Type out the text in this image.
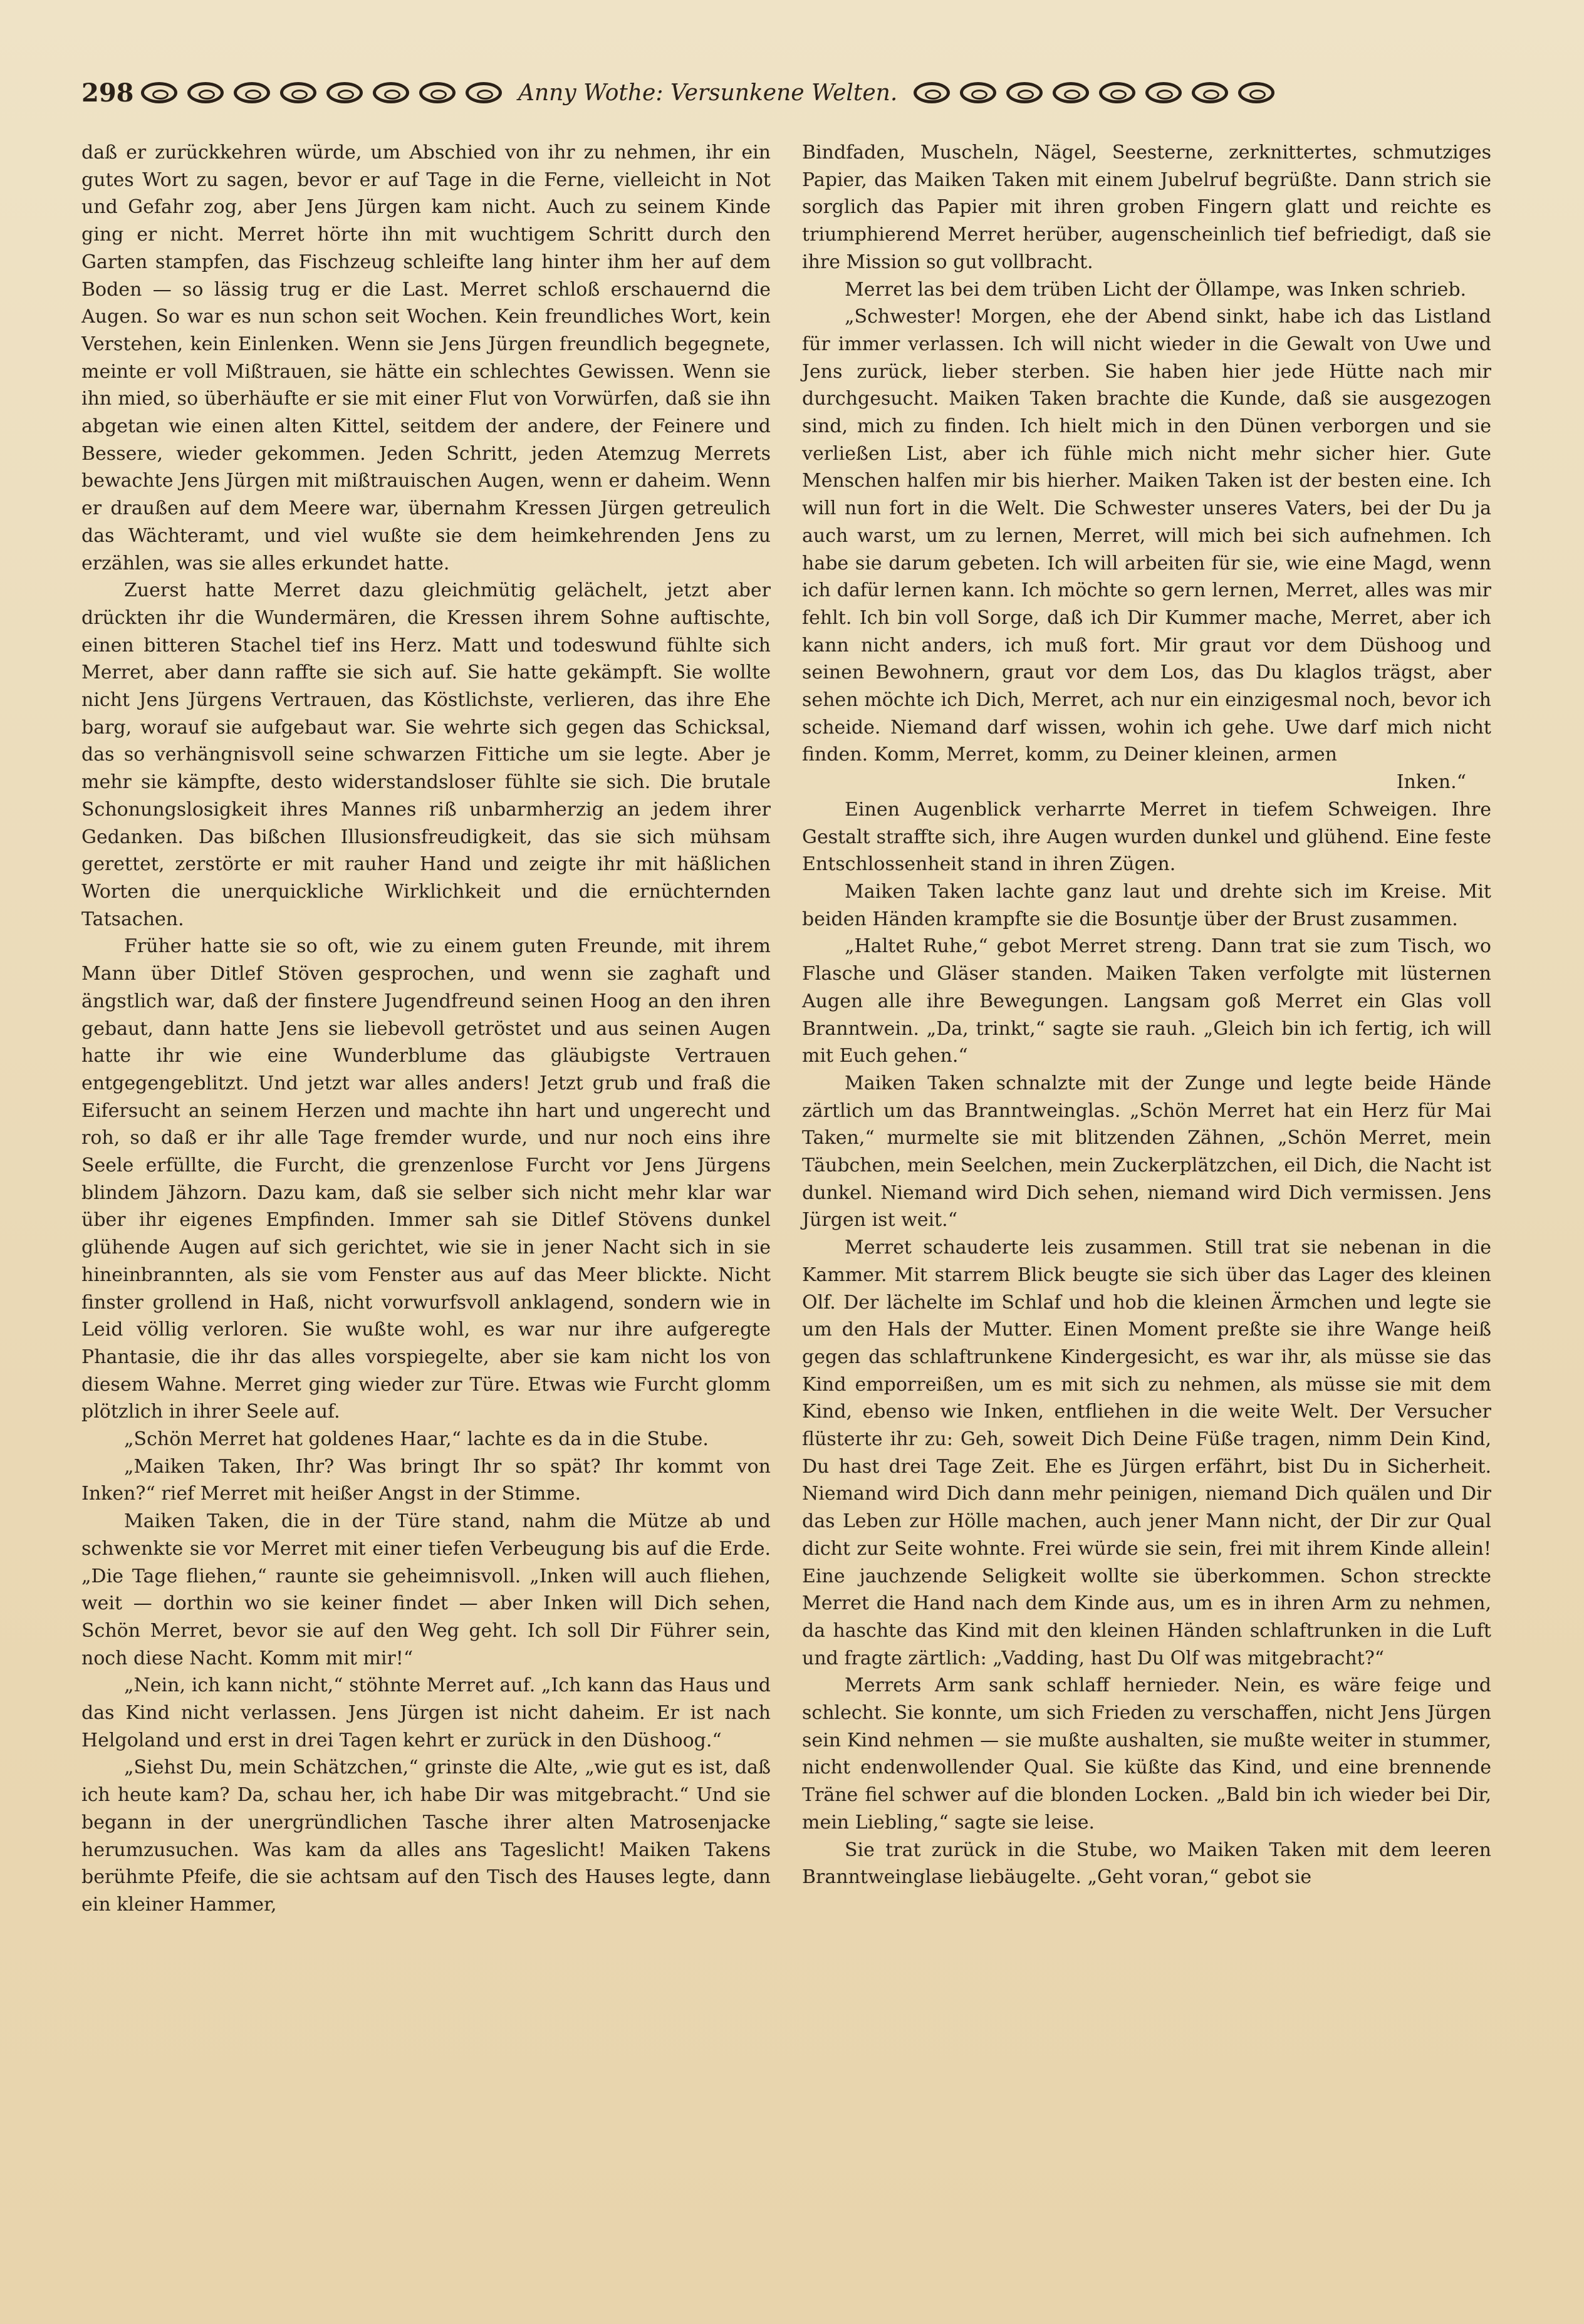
298	Anny Wothe: Versunkene Welten.

daß er zurückkehren würde, um Abschied von ihr zu nehmen, ihr ein gutes Wort zu sagen, bevor er auf Tage in die Ferne, vielleicht in Not und Gefahr zog, aber Jens Jürgen kam nicht. Auch zu seinem Kinde ging er nicht. Merret hörte ihn mit wuchtigem Schritt durch den Garten stampfen, das Fischzeug schleifte lang hinter ihm her auf dem Boden — so lässig trug er die Last. Merret schloß erschauernd die Augen. So war es nun schon seit Wochen. Kein freundliches Wort, kein Verstehen, kein Einlenken. Wenn sie Jens Jürgen freundlich begegnete, meinte er voll Mißtrauen, sie hätte ein schlechtes Gewissen. Wenn sie ihn mied, so überhäufte er sie mit einer Flut von Vorwürfen, daß sie ihn abgetan wie einen alten Kittel, seitdem der andere, der Feinere und Bessere, wieder gekommen. Jeden Schritt, jeden Atemzug Merrets bewachte Jens Jürgen mit mißtrauischen Augen, wenn er daheim. Wenn er draußen auf dem Meere war, übernahm Kressen Jürgen getreulich das Wächteramt, und viel wußte sie dem heimkehrenden Jens zu erzählen, was sie alles erkundet hatte.

Zuerst hatte Merret dazu gleichmütig gelächelt, jetzt aber drückten ihr die Wundermären, die Kressen ihrem Sohne auftischte, einen bitteren Stachel tief ins Herz. Matt und todeswund fühlte sich Merret, aber dann raffte sie sich auf. Sie hatte gekämpft. Sie wollte nicht Jens Jürgens Vertrauen, das Köstlichste, verlieren, das ihre Ehe barg, worauf sie aufgebaut war. Sie wehrte sich gegen das Schicksal, das so verhängnisvoll seine schwarzen Fittiche um sie legte. Aber je mehr sie kämpfte, desto widerstandsloser fühlte sie sich. Die brutale Schonungslosigkeit ihres Mannes riß unbarmherzig an jedem ihrer Gedanken. Das bißchen Illusionsfreudigkeit, das sie sich mühsam gerettet, zerstörte er mit rauher Hand und zeigte ihr mit häßlichen Worten die unerquickliche Wirklichkeit und die ernüchternden Tatsachen.

Früher hatte sie so oft, wie zu einem guten Freunde, mit ihrem Mann über Ditlef Stöven gesprochen, und wenn sie zaghaft und ängstlich war, daß der finstere Jugendfreund seinen Hoog an den ihren gebaut, dann hatte Jens sie liebevoll getröstet und aus seinen Augen hatte ihr wie eine Wunderblume das gläubigste Vertrauen entgegengeblitzt. Und jetzt war alles anders! Jetzt grub und fraß die Eifersucht an seinem Herzen und machte ihn hart und ungerecht und roh, so daß er ihr alle Tage fremder wurde, und nur noch eins ihre Seele erfüllte, die Furcht, die grenzenlose Furcht vor Jens Jürgens blindem Jähzorn. Dazu kam, daß sie selber sich nicht mehr klar war über ihr eigenes Empfinden. Immer sah sie Ditlef Stövens dunkel glühende Augen auf sich gerichtet, wie sie in jener Nacht sich in sie hineinbrannten, als sie vom Fenster aus auf das Meer blickte. Nicht finster grollend in Haß, nicht vorwurfsvoll anklagend, sondern wie in Leid völlig verloren. Sie wußte wohl, es war nur ihre aufgeregte Phantasie, die ihr das alles vorspiegelte, aber sie kam nicht los von diesem Wahne. Merret ging wieder zur Türe. Etwas wie Furcht glomm plötzlich in ihrer Seele auf.

„Schön Merret hat goldenes Haar,“ lachte es da in die Stube.

„Maiken Taken, Ihr? Was bringt Ihr so spät? Ihr kommt von Inken?“ rief Merret mit heißer Angst in der Stimme.

Maiken Taken, die in der Türe stand, nahm die Mütze ab und schwenkte sie vor Merret mit einer tiefen Verbeugung bis auf die Erde. „Die Tage fliehen,“ raunte sie geheimnisvoll. „Inken will auch fliehen, weit — dorthin wo sie keiner findet — aber Inken will Dich sehen, Schön Merret, bevor sie auf den Weg geht. Ich soll Dir Führer sein, noch diese Nacht. Komm mit mir!“

„Nein, ich kann nicht,“ stöhnte Merret auf. „Ich kann das Haus und das Kind nicht verlassen. Jens Jürgen ist nicht daheim. Er ist nach Helgoland und erst in drei Tagen kehrt er zurück in den Düshoog.“

„Siehst Du, mein Schätzchen,“ grinste die Alte, „wie gut es ist, daß ich heute kam? Da, schau her, ich habe Dir was mitgebracht.“ Und sie begann in der unergründlichen Tasche ihrer alten Matrosenjacke herumzusuchen. Was kam da alles ans Tageslicht! Maiken Takens berühmte Pfeife, die sie achtsam auf den Tisch des Hauses legte, dann ein kleiner Hammer,

Bindfaden, Muscheln, Nägel, Seesterne, zerknittertes, schmutziges Papier, das Maiken Taken mit einem Jubelruf begrüßte. Dann strich sie sorglich das Papier mit ihren groben Fingern glatt und reichte es triumphierend Merret herüber, augenscheinlich tief befriedigt, daß sie ihre Mission so gut vollbracht.

Merret las bei dem trüben Licht der Öllampe, was Inken schrieb.

„Schwester! Morgen, ehe der Abend sinkt, habe ich das Listland für immer verlassen. Ich will nicht wieder in die Gewalt von Uwe und Jens zurück, lieber sterben. Sie haben hier jede Hütte nach mir durchgesucht. Maiken Taken brachte die Kunde, daß sie ausgezogen sind, mich zu finden. Ich hielt mich in den Dünen verborgen und sie verließen List, aber ich fühle mich nicht mehr sicher hier. Gute Menschen halfen mir bis hierher. Maiken Taken ist der besten eine. Ich will nun fort in die Welt. Die Schwester unseres Vaters, bei der Du ja auch warst, um zu lernen, Merret, will mich bei sich aufnehmen. Ich habe sie darum gebeten. Ich will arbeiten für sie, wie eine Magd, wenn ich dafür lernen kann. Ich möchte so gern lernen, Merret, alles was mir fehlt. Ich bin voll Sorge, daß ich Dir Kummer mache, Merret, aber ich kann nicht anders, ich muß fort. Mir graut vor dem Düshoog und seinen Bewohnern, graut vor dem Los, das Du klaglos trägst, aber sehen möchte ich Dich, Merret, ach nur ein einzigesmal noch, bevor ich scheide. Niemand darf wissen, wohin ich gehe. Uwe darf mich nicht finden. Komm, Merret, komm, zu Deiner kleinen, armen

Inken.“

Einen Augenblick verharrte Merret in tiefem Schweigen. Ihre Gestalt straffte sich, ihre Augen wurden dunkel und glühend. Eine feste Entschlossenheit stand in ihren Zügen.

Maiken Taken lachte ganz laut und drehte sich im Kreise. Mit beiden Händen krampfte sie die Bosuntje über der Brust zusammen.

„Haltet Ruhe,“ gebot Merret streng. Dann trat sie zum Tisch, wo Flasche und Gläser standen. Maiken Taken verfolgte mit lüsternen Augen alle ihre Bewegungen. Langsam goß Merret ein Glas voll Branntwein. „Da, trinkt,“ sagte sie rauh. „Gleich bin ich fertig, ich will mit Euch gehen.“

Maiken Taken schnalzte mit der Zunge und legte beide Hände zärtlich um das Branntweinglas. „Schön Merret hat ein Herz für Mai Taken,“ murmelte sie mit blitzenden Zähnen, „Schön Merret, mein Täubchen, mein Seelchen, mein Zuckerplätzchen, eil Dich, die Nacht ist dunkel. Niemand wird Dich sehen, niemand wird Dich vermissen. Jens Jürgen ist weit.“

Merret schauderte leis zusammen. Still trat sie nebenan in die Kammer. Mit starrem Blick beugte sie sich über das Lager des kleinen Olf. Der lächelte im Schlaf und hob die kleinen Ärmchen und legte sie um den Hals der Mutter. Einen Moment preßte sie ihre Wange heiß gegen das schlaftrunkene Kindergesicht, es war ihr, als müsse sie das Kind emporreißen, um es mit sich zu nehmen, als müsse sie mit dem Kind, ebenso wie Inken, entfliehen in die weite Welt. Der Versucher flüsterte ihr zu: Geh, soweit Dich Deine Füße tragen, nimm Dein Kind, Du hast drei Tage Zeit. Ehe es Jürgen erfährt, bist Du in Sicherheit. Niemand wird Dich dann mehr peinigen, niemand Dich quälen und Dir das Leben zur Hölle machen, auch jener Mann nicht, der Dir zur Qual dicht zur Seite wohnte. Frei würde sie sein, frei mit ihrem Kinde allein! Eine jauchzende Seligkeit wollte sie überkommen. Schon streckte Merret die Hand nach dem Kinde aus, um es in ihren Arm zu nehmen, da haschte das Kind mit den kleinen Händen schlaftrunken in die Luft und fragte zärtlich: „Vadding, hast Du Olf was mitgebracht?“

Merrets Arm sank schlaff hernieder. Nein, es wäre feige und schlecht. Sie konnte, um sich Frieden zu verschaffen, nicht Jens Jürgen sein Kind nehmen — sie mußte aushalten, sie mußte weiter in stummer, nicht endenwollender Qual. Sie küßte das Kind, und eine brennende Träne fiel schwer auf die blonden Locken. „Bald bin ich wieder bei Dir, mein Liebling,“ sagte sie leise.

Sie trat zurück in die Stube, wo Maiken Taken mit dem leeren Branntweinglase liebäugelte. „Geht voran,“ gebot sie
